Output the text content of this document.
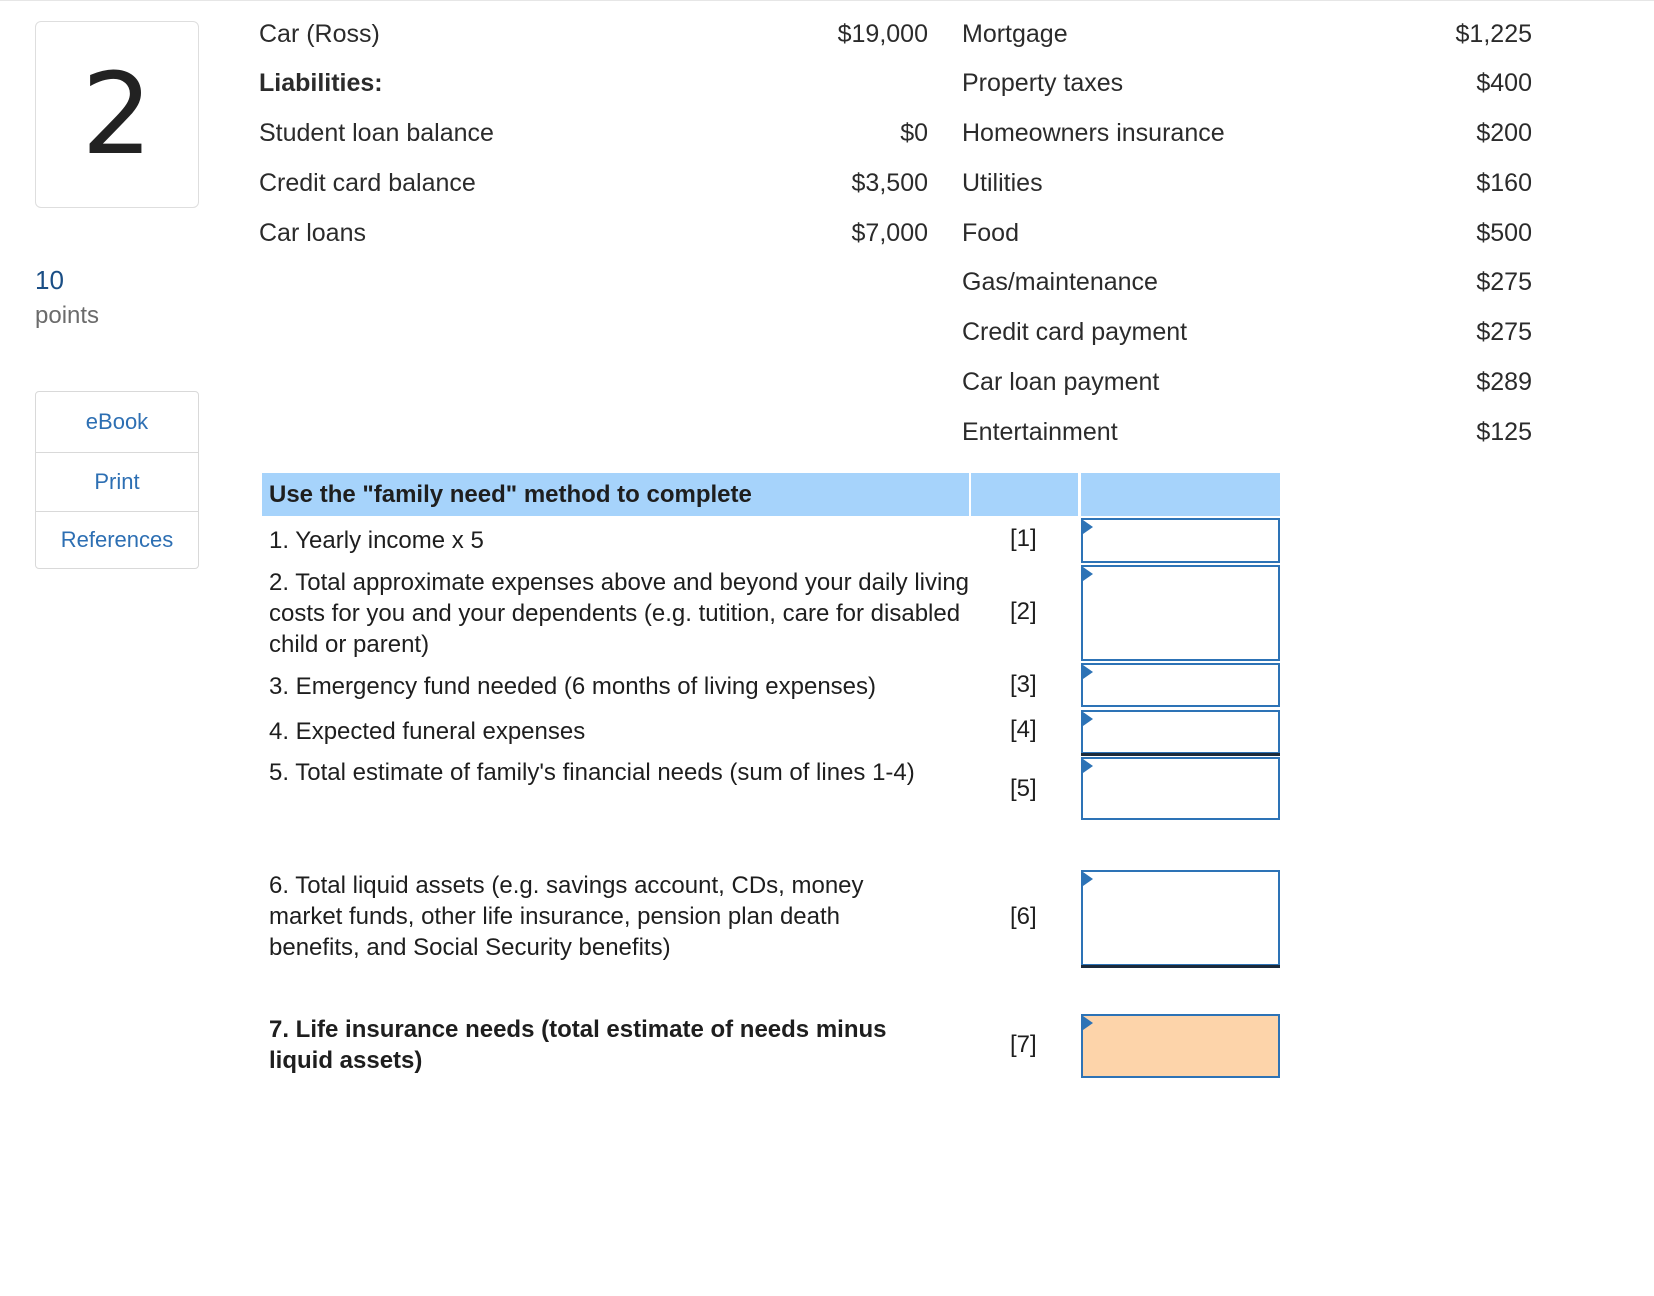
2
10
points
eBook
Print
References
Car (Ross)	$19,000
Liabilities:
Student loan balance	$0
Credit card balance	$3,500
Car loans	$7,000
Mortgage	$1,225
Property taxes	$400
Homeowners insurance	$200
Utilities	$160
Food	$500
Gas/maintenance	$275
Credit card payment	$275
Car loan payment	$289
Entertainment	$125
Use the "family need" method to complete
1. Yearly income x 5	[1]
2. Total approximate expenses above and beyond your daily living costs for you and your dependents (e.g. tutition, care for disabled child or parent)
[2]
3. Emergency fund needed (6 months of living expenses)	[3]
4. Expected funeral expenses	[4]
5. Total estimate of family's financial needs (sum of lines 1-4)
[5]
6. Total liquid assets (e.g. savings account, CDs, money market funds, other life insurance, pension plan death benefits, and Social Security benefits)
[6]
7. Life insurance needs (total estimate of needs minus liquid assets)
[7]
